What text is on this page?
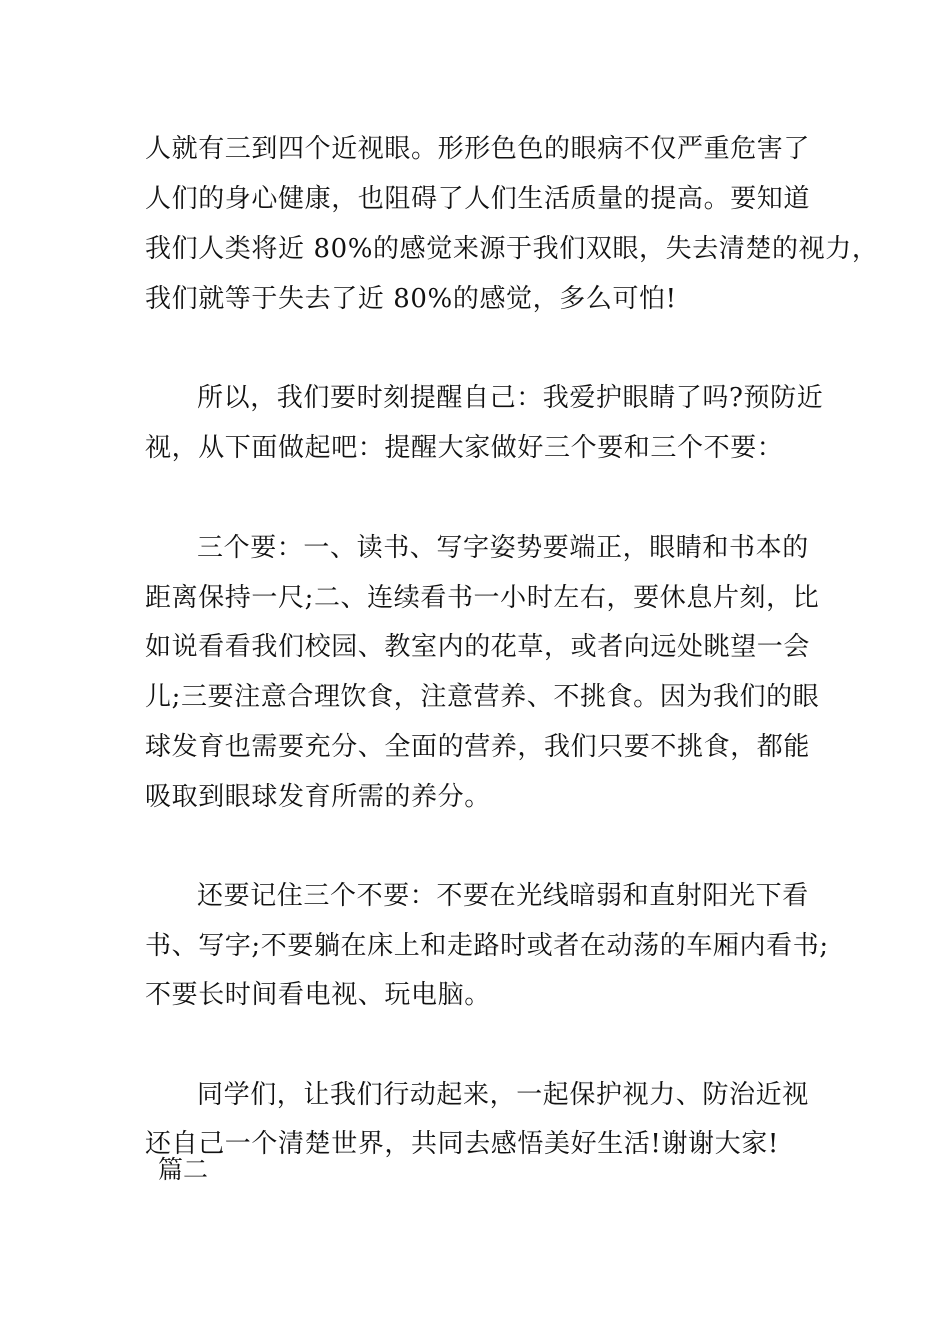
人就有三到四个近视眼。形形色色的眼病不仅严重危害了
人们的身心健康，也阻碍了人们生活质量的提高。要知道
我们人类将近 80%的感觉来源于我们双眼，失去清楚的视力，
我们就等于失去了近 80%的感觉，多么可怕!
所以，我们要时刻提醒自己：我爱护眼睛了吗?预防近
视，从下面做起吧：提醒大家做好三个要和三个不要：
三个要：一、读书、写字姿势要端正，眼睛和书本的
距离保持一尺;二、连续看书一小时左右，要休息片刻，比
如说看看我们校园、教室内的花草，或者向远处眺望一会
儿;三要注意合理饮食，注意营养、不挑食。因为我们的眼
球发育也需要充分、全面的营养，我们只要不挑食，都能
吸取到眼球发育所需的养分。
还要记住三个不要：不要在光线暗弱和直射阳光下看
书、写字;不要躺在床上和走路时或者在动荡的车厢内看书;
不要长时间看电视、玩电脑。
同学们，让我们行动起来，一起保护视力、防治近视
还自己一个清楚世界，共同去感悟美好生活!谢谢大家!
篇二
